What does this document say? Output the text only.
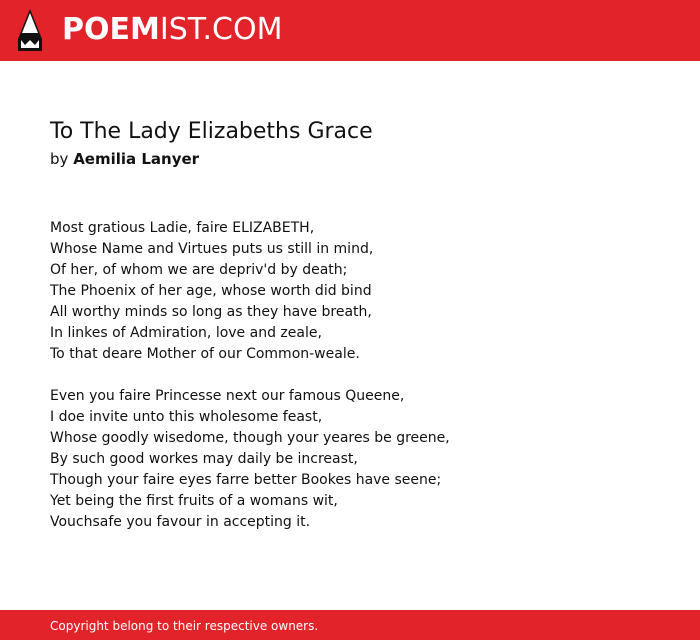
POEMIST.COM
To The Lady Elizabeths Grace
by Aemilia Lanyer
Most gratious Ladie, faire ELIZABETH,
Whose Name and Virtues puts us still in mind,
Of her, of whom we are depriv'd by death;
The Phoenix of her age, whose worth did bind
All worthy minds so long as they have breath,
In linkes of Admiration, love and zeale,
To that deare Mother of our Common-weale.
Even you faire Princesse next our famous Queene,
I doe invite unto this wholesome feast,
Whose goodly wisedome, though your yeares be greene,
By such good workes may daily be increast,
Though your faire eyes farre better Bookes have seene;
Yet being the first fruits of a womans wit,
Vouchsafe you favour in accepting it.
Copyright belong to their respective owners.
